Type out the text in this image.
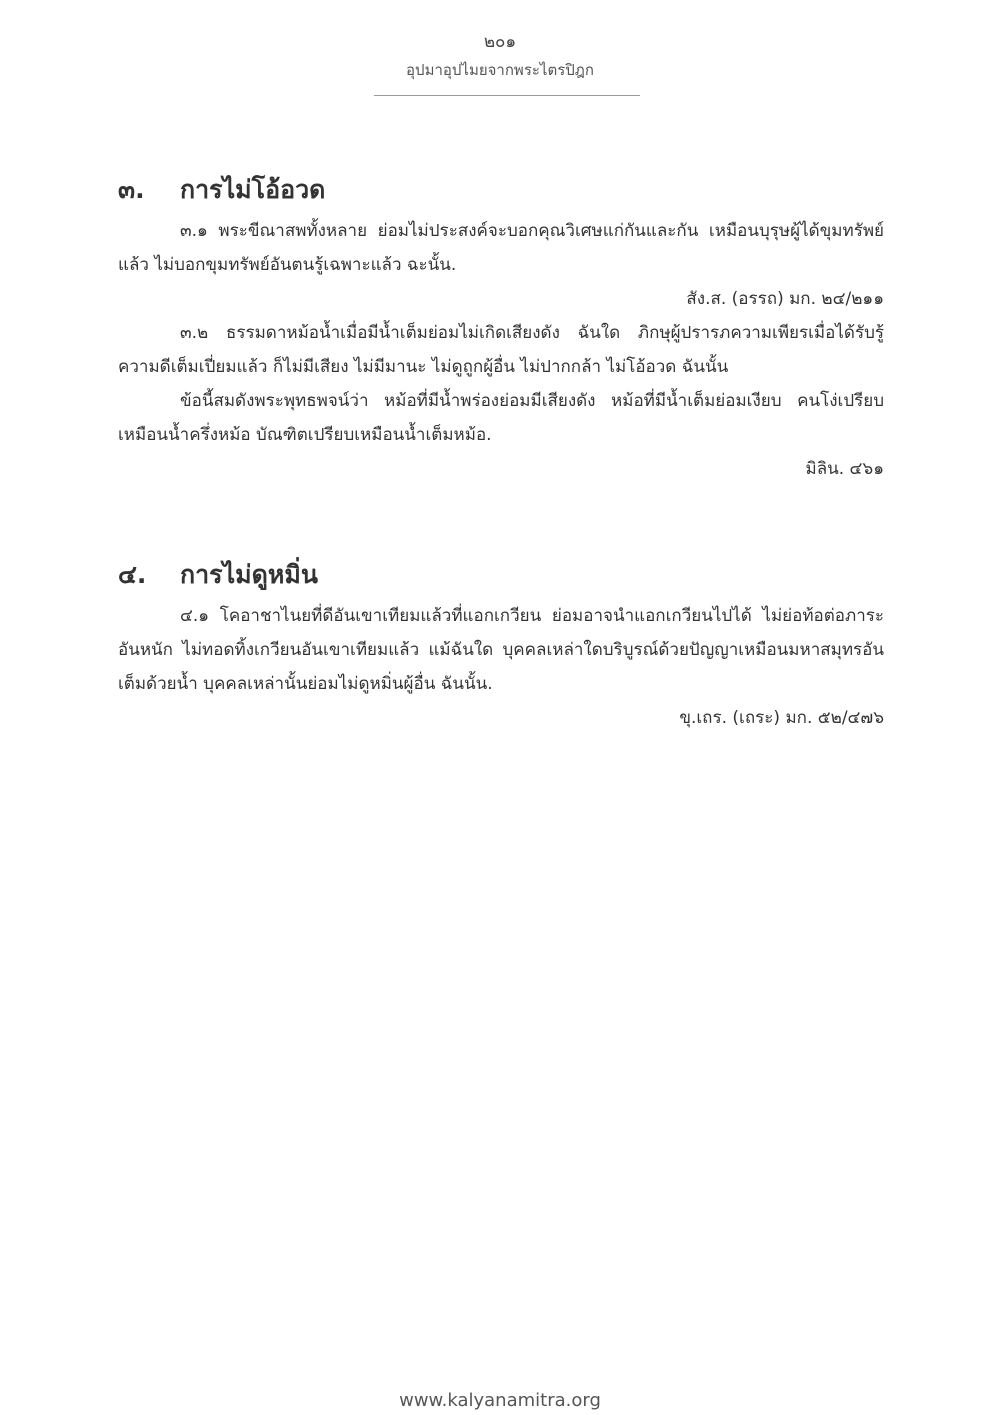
๒๐๑
อุปมาอุปไมยจากพระไตรปิฎก
๓.	การไม่โอ้อวด

๓.๑ พระขีณาสพทั้งหลาย ย่อมไม่ประสงค์จะบอกคุณวิเศษแก่กันและกัน เหมือนบุรุษผู้ได้ขุมทรัพย์แล้ว ไม่บอกขุมทรัพย์อันตนรู้เฉพาะแล้ว ฉะนั้น.

สัง.ส. (อรรถ) มก. ๒๔/๒๑๑

๓.๒ ธรรมดาหม้อน้ำเมื่อมีน้ำเต็มย่อมไม่เกิดเสียงดัง ฉันใด ภิกษุผู้ปรารภความเพียรเมื่อได้รับรู้ความดีเต็มเปี่ยมแล้ว ก็ไม่มีเสียง ไม่มีมานะ ไม่ดูถูกผู้อื่น ไม่ปากกล้า ไม่โอ้อวด ฉันนั้น

ข้อนี้สมดังพระพุทธพจน์ว่า หม้อที่มีน้ำพร่องย่อมมีเสียงดัง หม้อที่มีน้ำเต็มย่อมเงียบ คนโง่เปรียบเหมือนน้ำครึ่งหม้อ บัณฑิตเปรียบเหมือนน้ำเต็มหม้อ.

มิลิน. ๔๖๑

๔.	การไม่ดูหมิ่น

๔.๑ โคอาชาไนยที่ดีอันเขาเทียมแล้วที่แอกเกวียน ย่อมอาจนำแอกเกวียนไปได้ ไม่ย่อท้อต่อภาระอันหนัก ไม่ทอดทิ้งเกวียนอันเขาเทียมแล้ว แม้ฉันใด บุคคลเหล่าใดบริบูรณ์ด้วยปัญญาเหมือนมหาสมุทรอันเต็มด้วยน้ำ บุคคลเหล่านั้นย่อมไม่ดูหมิ่นผู้อื่น ฉันนั้น.

ขุ.เถร. (เถระ) มก. ๕๒/๔๗๖

www.kalyanamitra.org
